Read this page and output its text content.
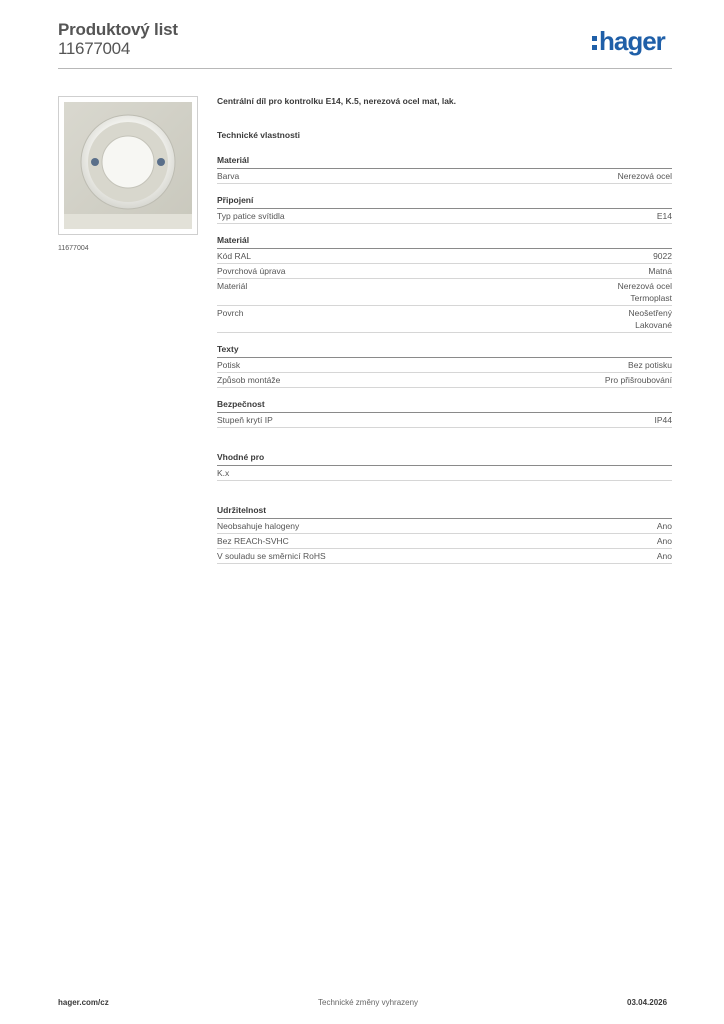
Produktový list
11677004	hager
11677004
Centrální díl pro kontrolku E14, K.5, nerezová ocel mat, lak.
Technické vlastnosti
Materiál
Barva	Nerezová ocel
Připojení
Typ patice svítidla	E14
Materiál
Kód RAL	9022
Povrchová úprava	Matná
Materiál	Nerezová ocel
Termoplast
Povrch	Neošetřený
Lakované
Texty
Potisk	Bez potisku
Způsob montáže	Pro přišroubování
Bezpečnost
Stupeň krytí IP	IP44
Vhodné pro
K.x
Udržitelnost
Neobsahuje halogeny	Ano
Bez REACh-SVHC	Ano
V souladu se směrnicí RoHS	Ano
hager.com/cz	Technické změny vyhrazeny	03.04.2026
